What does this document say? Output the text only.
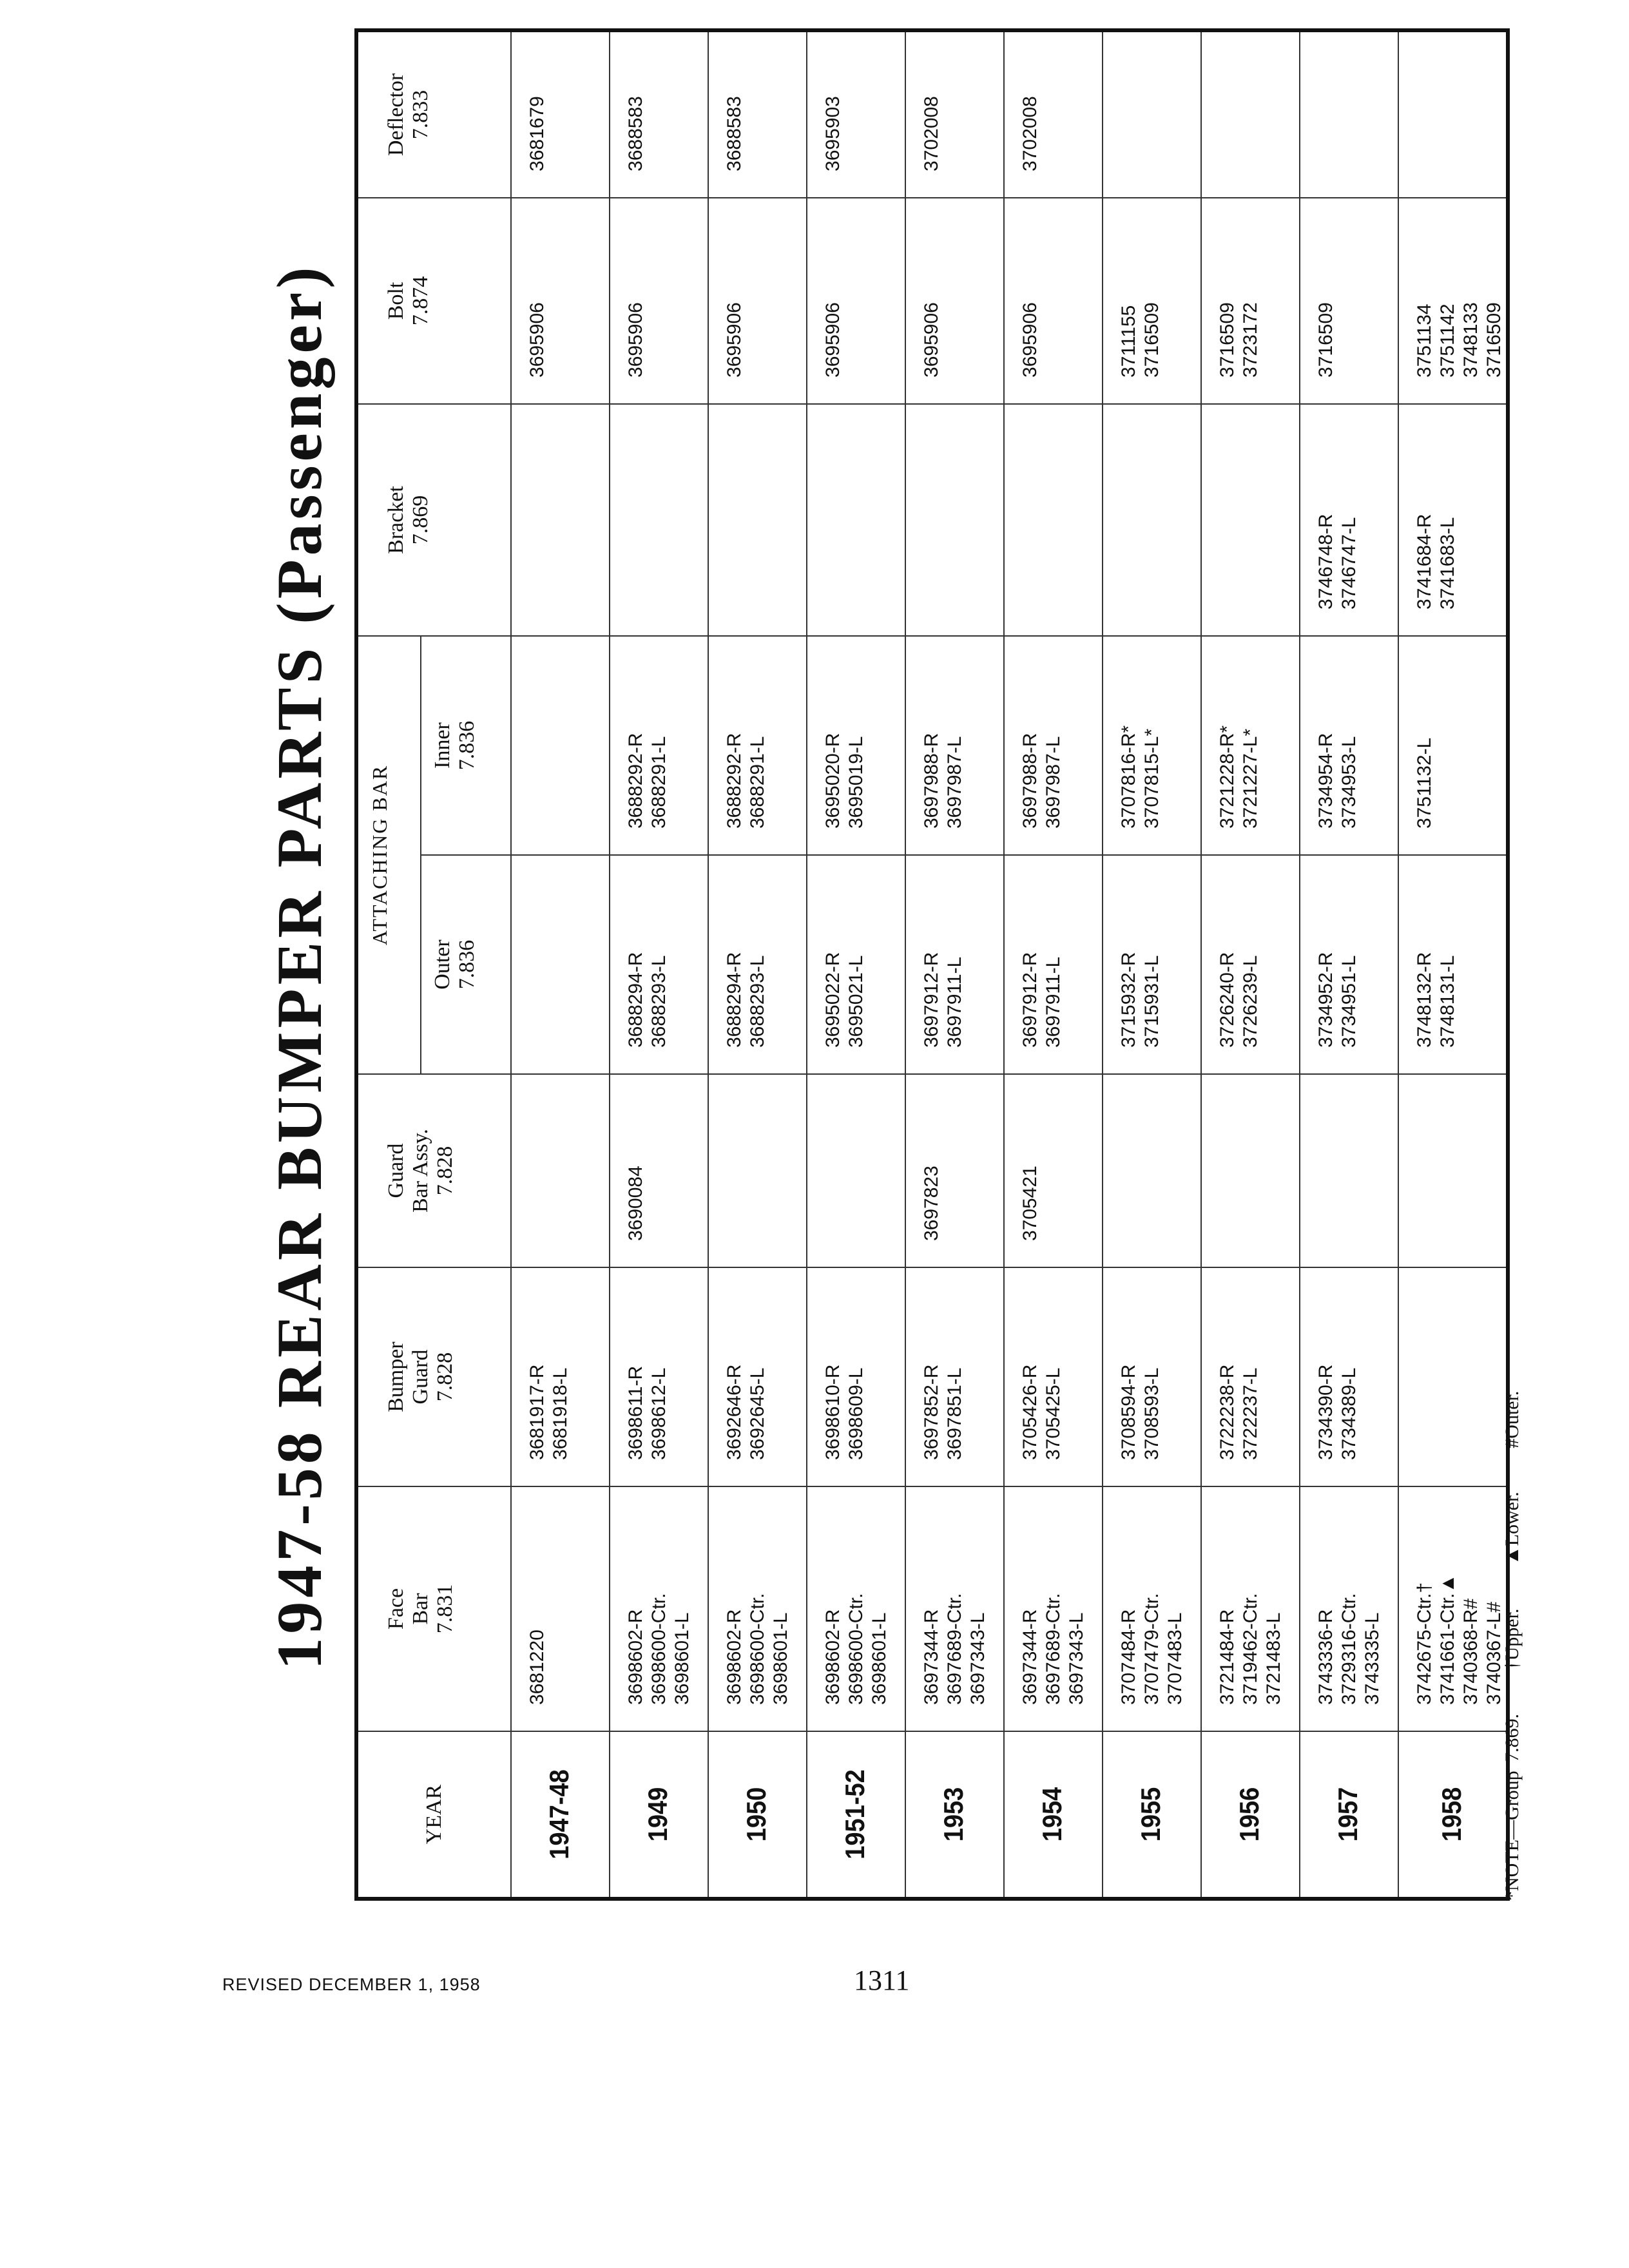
1947-58 REAR BUMPER PARTS (Passenger)
YEAR	Face Bar 7.831	Bumper Guard 7.828	Guard Bar Assy. 7.828	ATTACHING BAR		Bracket 7.869	Bolt 7.874	Deflector 7.833

				Outer 7.836	Inner 7.836			

1947-48	3681220	3681917-R 3681918-L					3695906	3681679

1949	3698602-R 3698600-Ctr. 3698601-L	3698611-R 3698612-L	3690084	3688294-R 3688293-L	3688292-R 3688291-L		3695906	3688583

1950	3698602-R 3698600-Ctr. 3698601-L	3692646-R 3692645-L		3688294-R 3688293-L	3688292-R 3688291-L		3695906	3688583

1951-52	3698602-R 3698600-Ctr. 3698601-L	3698610-R 3698609-L		3695022-R 3695021-L	3695020-R 3695019-L		3695906	3695903

1953	3697344-R 3697689-Ctr. 3697343-L	3697852-R 3697851-L	3697823	3697912-R 3697911-L	3697988-R 3697987-L		3695906	3702008

1954	3697344-R 3697689-Ctr. 3697343-L	3705426-R 3705425-L	3705421	3697912-R 3697911-L	3697988-R 3697987-L		3695906	3702008

1955	3707484-R 3707479-Ctr. 3707483-L	3708594-R 3708593-L		3715932-R 3715931-L	3707816-R* 3707815-L*		3711155 3716509	

1956	3721484-R 3719462-Ctr. 3721483-L	3722238-R 3722237-L		3726240-R 3726239-L	3721228-R* 3721227-L*		3716509 3723172	

1957	3743336-R 3729316-Ctr. 3743335-L	3734390-R 3734389-L		3734952-R 3734951-L	3734954-R 3734953-L	3746748-R 3746747-L	3716509	

1958	3742675-Ctr.† 3741661-Ctr.▲ 3740368-R# 3740367-L#			3748132-R 3748131-L	3751132-L	3741684-R 3741683-L	3751134 3751142 3748133 3716509	

*NOTE—Group 7.869.     †Upper.     ▲Lower.     #Outer.
REVISED DECEMBER 1, 1958	1311
